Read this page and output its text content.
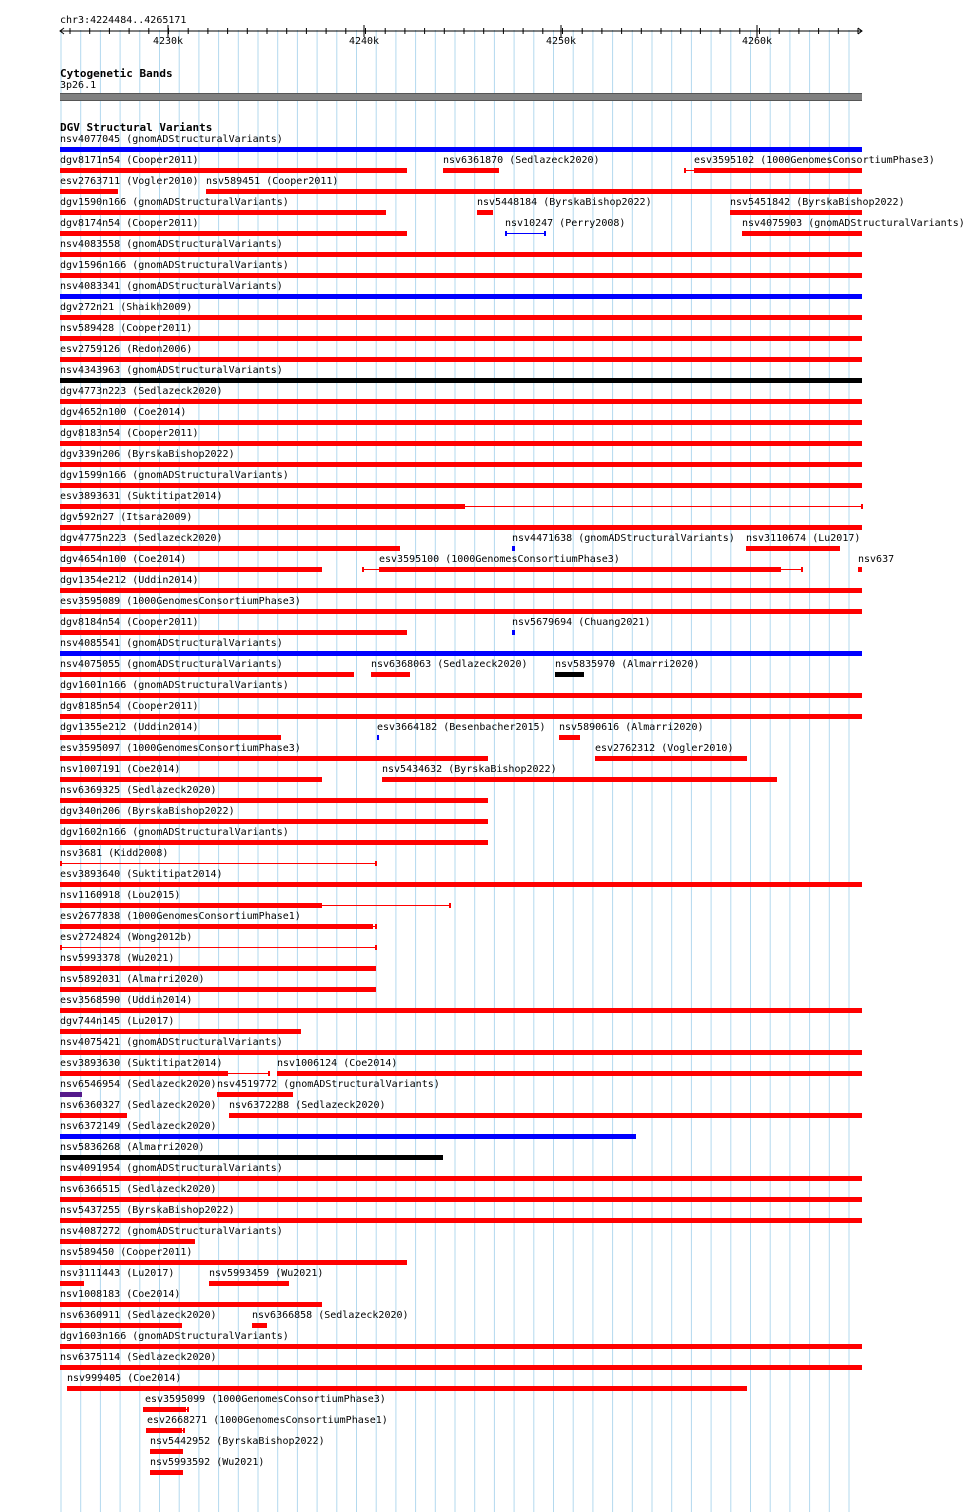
chr3:4224484..4265171
4230k	4240k	4250k	4260k
Cytogenetic Bands
3p26.1
DGV Structural Variants
nsv4077045 (gnomADStructuralVariants)
dgv8171n54 (Cooper2011)	nsv6361870 (Sedlazeck2020)	esv3595102 (1000GenomesConsortiumPhase3)
esv2763711 (Vogler2010) nsv589451 (Cooper2011)
dgv1590n166 (gnomADStructuralVariants)	nsv5448184 (ByrskaBishop2022)	nsv5451842 (ByrskaBishop2022)
dgv8174n54 (Cooper2011)	nsv10247 (Perry2008)	nsv4075903 (gnomADStructuralVariants)
nsv4083558 (gnomADStructuralVariants)
dgv1596n166 (gnomADStructuralVariants)
nsv4083341 (gnomADStructuralVariants)
dgv272n21 (Shaikh2009)
nsv589428 (Cooper2011)
esv2759126 (Redon2006)
nsv4343963 (gnomADStructuralVariants)
dgv4773n223 (Sedlazeck2020)
dgv4652n100 (Coe2014)
dgv8183n54 (Cooper2011)
dgv339n206 (ByrskaBishop2022)
dgv1599n166 (gnomADStructuralVariants)
esv3893631 (Suktitipat2014)
dgv592n27 (Itsara2009)
dgv4775n223 (Sedlazeck2020)	nsv4471638 (gnomADStructuralVariants) nsv3110674 (Lu2017)
dgv4654n100 (Coe2014)	esv3595100 (1000GenomesConsortiumPhase3)	nsv637
dgv1354e212 (Uddin2014)
esv3595089 (1000GenomesConsortiumPhase3)
dgv8184n54 (Cooper2011)	nsv5679694 (Chuang2021)
nsv4085541 (gnomADStructuralVariants)
nsv4075055 (gnomADStructuralVariants)	nsv6368063 (Sedlazeck2020)	nsv5835970 (Almarri2020)
dgv1601n166 (gnomADStructuralVariants)
dgv8185n54 (Cooper2011)
dgv1355e212 (Uddin2014)	esv3664182 (Besenbacher2015) nsv5890616 (Almarri2020)
esv3595097 (1000GenomesConsortiumPhase3)	esv2762312 (Vogler2010)
nsv1007191 (Coe2014)	nsv5434632 (ByrskaBishop2022)
nsv6369325 (Sedlazeck2020)
dgv340n206 (ByrskaBishop2022)
dgv1602n166 (gnomADStructuralVariants)
nsv3681 (Kidd2008)
esv3893640 (Suktitipat2014)
nsv1160918 (Lou2015)
esv2677838 (1000GenomesConsortiumPhase1)
esv2724824 (Wong2012b)
nsv5993378 (Wu2021)
nsv5892031 (Almarri2020)
esv3568590 (Uddin2014)
dgv744n145 (Lu2017)
nsv4075421 (gnomADStructuralVariants)
esv3893630 (Suktitipat2014)	nsv1006124 (Coe2014)
nsv6546954 (Sedlazeck2020) nsv4519772 (gnomADStructuralVariants)
nsv6360327 (Sedlazeck2020) nsv6372288 (Sedlazeck2020)
nsv6372149 (Sedlazeck2020)
nsv5836268 (Almarri2020)
nsv4091954 (gnomADStructuralVariants)
nsv6366515 (Sedlazeck2020)
nsv5437255 (ByrskaBishop2022)
nsv4087272 (gnomADStructuralVariants)
nsv589450 (Cooper2011)
nsv3111443 (Lu2017)	nsv5993459 (Wu2021)
nsv1008183 (Coe2014)
nsv6360911 (Sedlazeck2020)	nsv6366858 (Sedlazeck2020)
dgv1603n166 (gnomADStructuralVariants)
nsv6375114 (Sedlazeck2020)
nsv999405 (Coe2014)
esv3595099 (1000GenomesConsortiumPhase3)
esv2668271 (1000GenomesConsortiumPhase1)
nsv5442952 (ByrskaBishop2022)
nsv5993592 (Wu2021)
